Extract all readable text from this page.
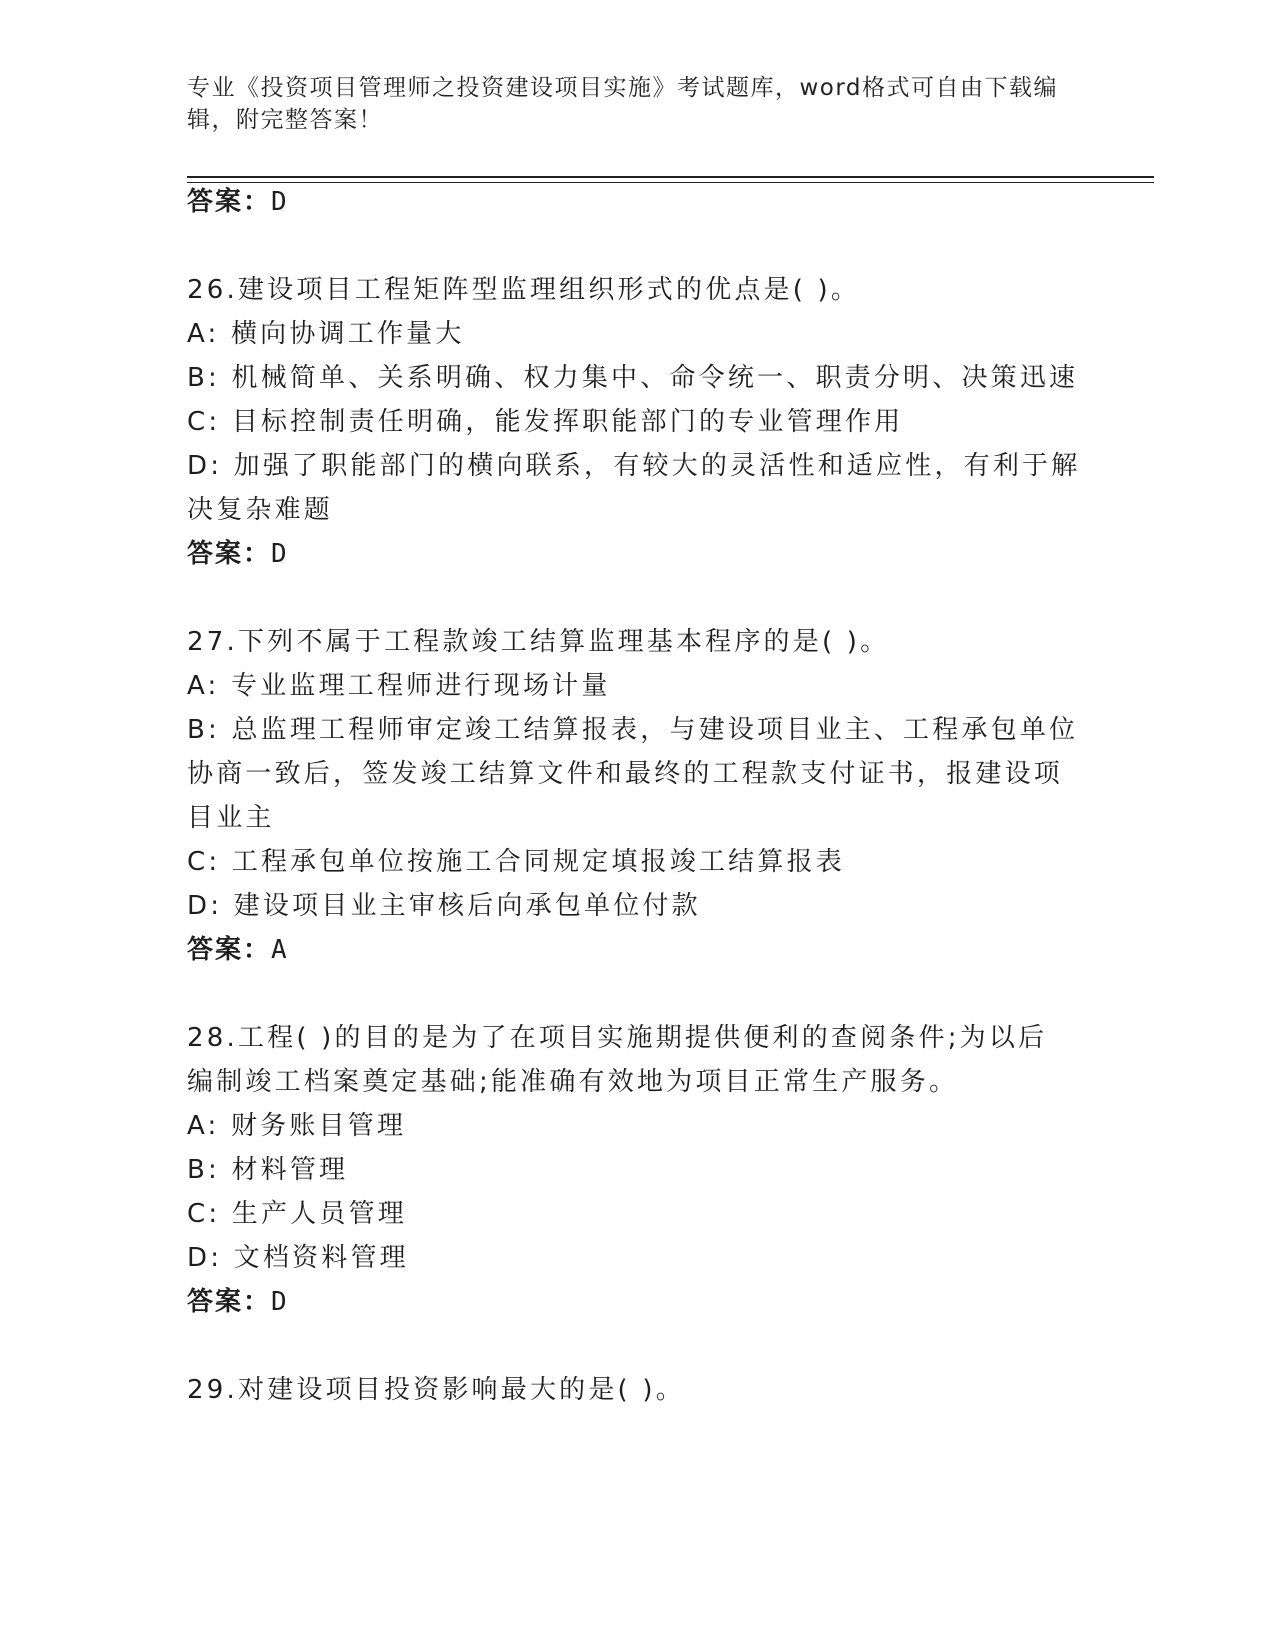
专业《投资项目管理师之投资建设项目实施》考试题库，word格式可自由下载编
辑，附完整答案！
答案：D
26.建设项目工程矩阵型监理组织形式的优点是( )。
A: 横向协调工作量大
B: 机械简单、关系明确、权力集中、命令统一、职责分明、决策迅速
C: 目标控制责任明确，能发挥职能部门的专业管理作用
D: 加强了职能部门的横向联系，有较大的灵活性和适应性，有利于解
决复杂难题
答案：D
27.下列不属于工程款竣工结算监理基本程序的是( )。
A: 专业监理工程师进行现场计量
B: 总监理工程师审定竣工结算报表，与建设项目业主、工程承包单位
协商一致后，签发竣工结算文件和最终的工程款支付证书，报建设项
目业主
C: 工程承包单位按施工合同规定填报竣工结算报表
D: 建设项目业主审核后向承包单位付款
答案：A
28.工程( )的目的是为了在项目实施期提供便利的查阅条件;为以后
编制竣工档案奠定基础;能准确有效地为项目正常生产服务。
A: 财务账目管理
B: 材料管理
C: 生产人员管理
D: 文档资料管理
答案：D
29.对建设项目投资影响最大的是( )。
